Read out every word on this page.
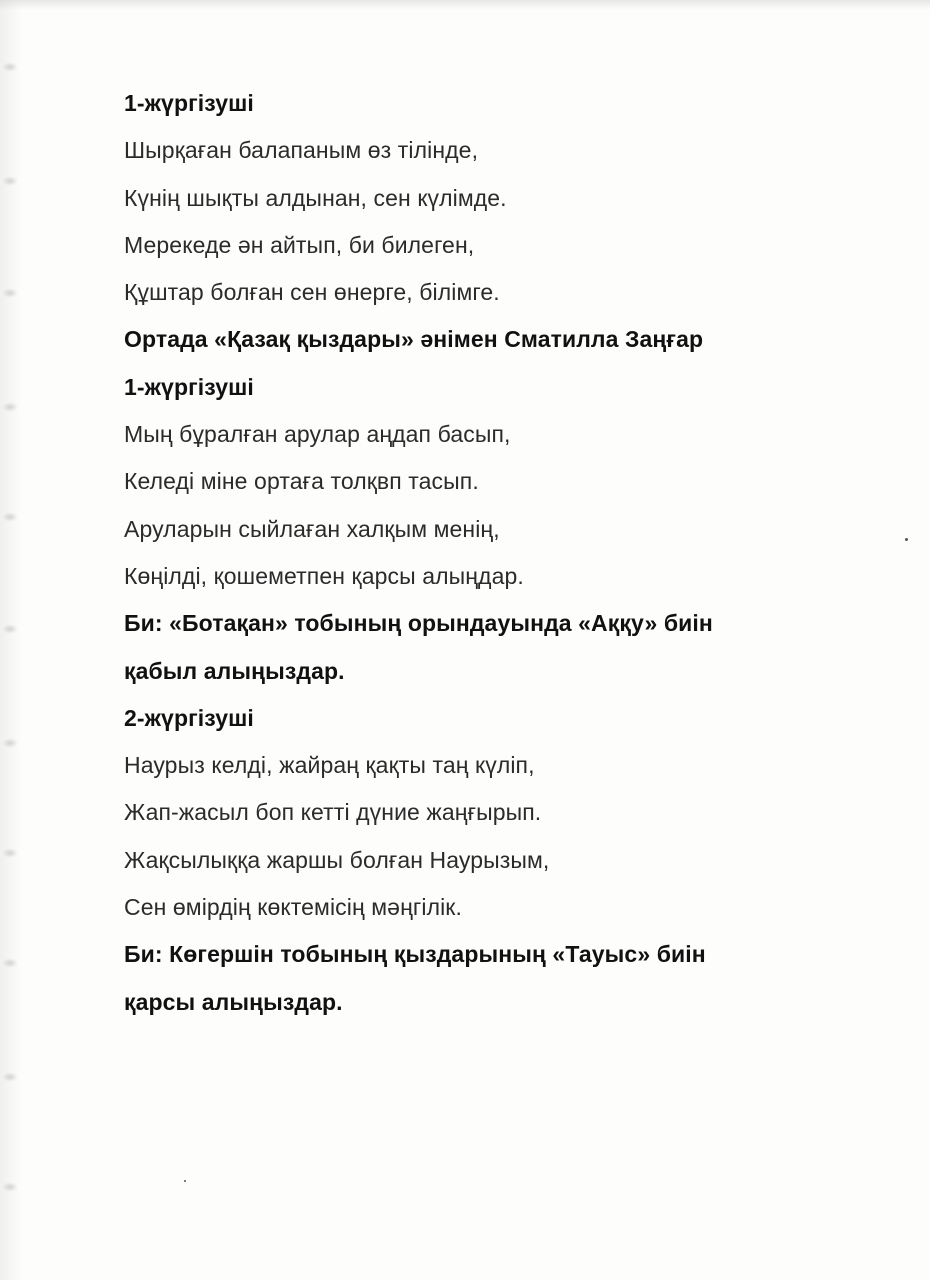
1-жүргізуші
Шырқаған балапаным өз тілінде,
Күнің шықты алдынан, сен күлімде.
Мерекеде ән айтып, би билеген,
Құштар болған сен өнерге, білімге.
Ортада «Қазақ қыздары» әнімен Сматилла Заңғар
1-жүргізуші
Мың бұралған арулар аңдап басып,
Келеді міне ортаға толқвп тасып.
Аруларын сыйлаған халқым менің,
Көңілді, қошеметпен қарсы алыңдар.
Би: «Ботақан» тобының орындауында «Аққу» биін
қабыл алыңыздар.
2-жүргізуші
Наурыз келді, жайраң қақты таң күліп,
Жап-жасыл боп кетті дүние жаңғырып.
Жақсылыққа жаршы болған Наурызым,
Сен өмірдің көктемісің мәңгілік.
Би: Көгершін тобының қыздарының «Тауыс» биін
қарсы алыңыздар.
